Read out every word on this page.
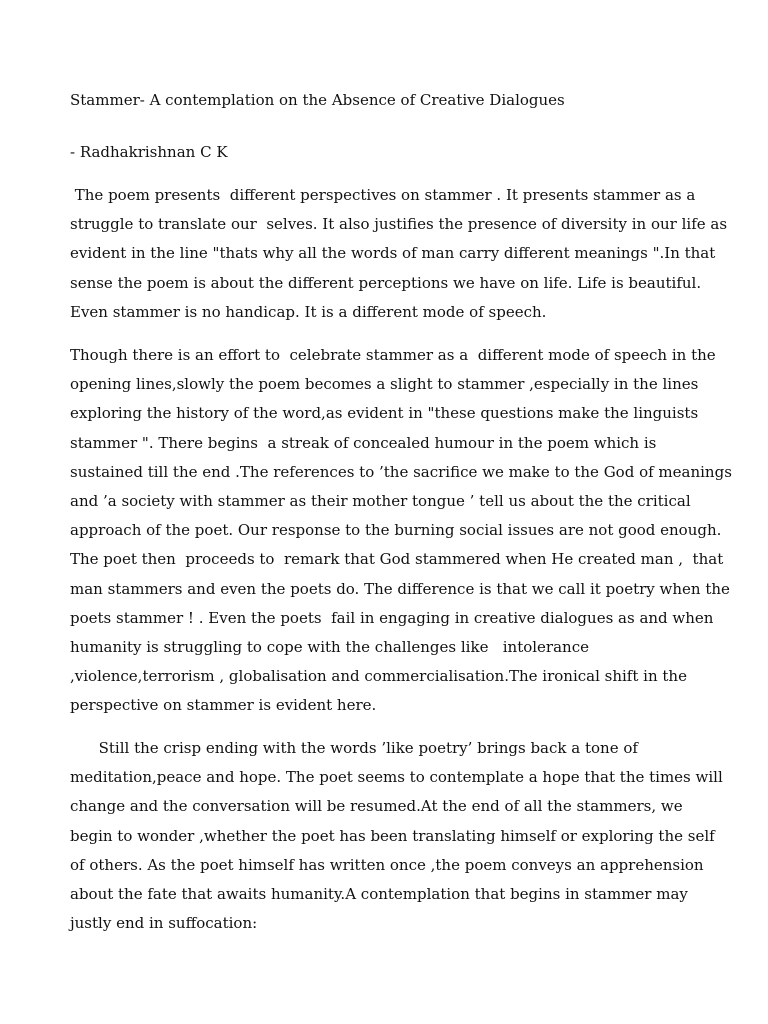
Stammer- A contemplation on the Absence of Creative Dialogues
- Radhakrishnan C K
The poem presents  different perspectives on stammer . It presents stammer as a
struggle to translate our  selves. It also justifies the presence of diversity in our life as
evident in the line "thats why all the words of man carry different meanings ".In that
sense the poem is about the different perceptions we have on life. Life is beautiful.
Even stammer is no handicap. It is a different mode of speech.
Though there is an effort to  celebrate stammer as a  different mode of speech in the
opening lines,slowly the poem becomes a slight to stammer ,especially in the lines
exploring the history of the word,as evident in "these questions make the linguists
stammer ". There begins  a streak of concealed humour in the poem which is
sustained till the end .The references to ’the sacrifice we make to the God of meanings
and ’a society with stammer as their mother tongue ’ tell us about the the critical
approach of the poet. Our response to the burning social issues are not good enough.
The poet then  proceeds to  remark that God stammered when He created man ,  that
man stammers and even the poets do. The difference is that we call it poetry when the
poets stammer ! . Even the poets  fail in engaging in creative dialogues as and when
humanity is struggling to cope with the challenges like   intolerance
,violence,terrorism , globalisation and commercialisation.The ironical shift in the
perspective on stammer is evident here.
Still the crisp ending with the words ’like poetry’ brings back a tone of
meditation,peace and hope. The poet seems to contemplate a hope that the times will
change and the conversation will be resumed.At the end of all the stammers, we
begin to wonder ,whether the poet has been translating himself or exploring the self
of others. As the poet himself has written once ,the poem conveys an apprehension
about the fate that awaits humanity.A contemplation that begins in stammer may
justly end in suffocation:
